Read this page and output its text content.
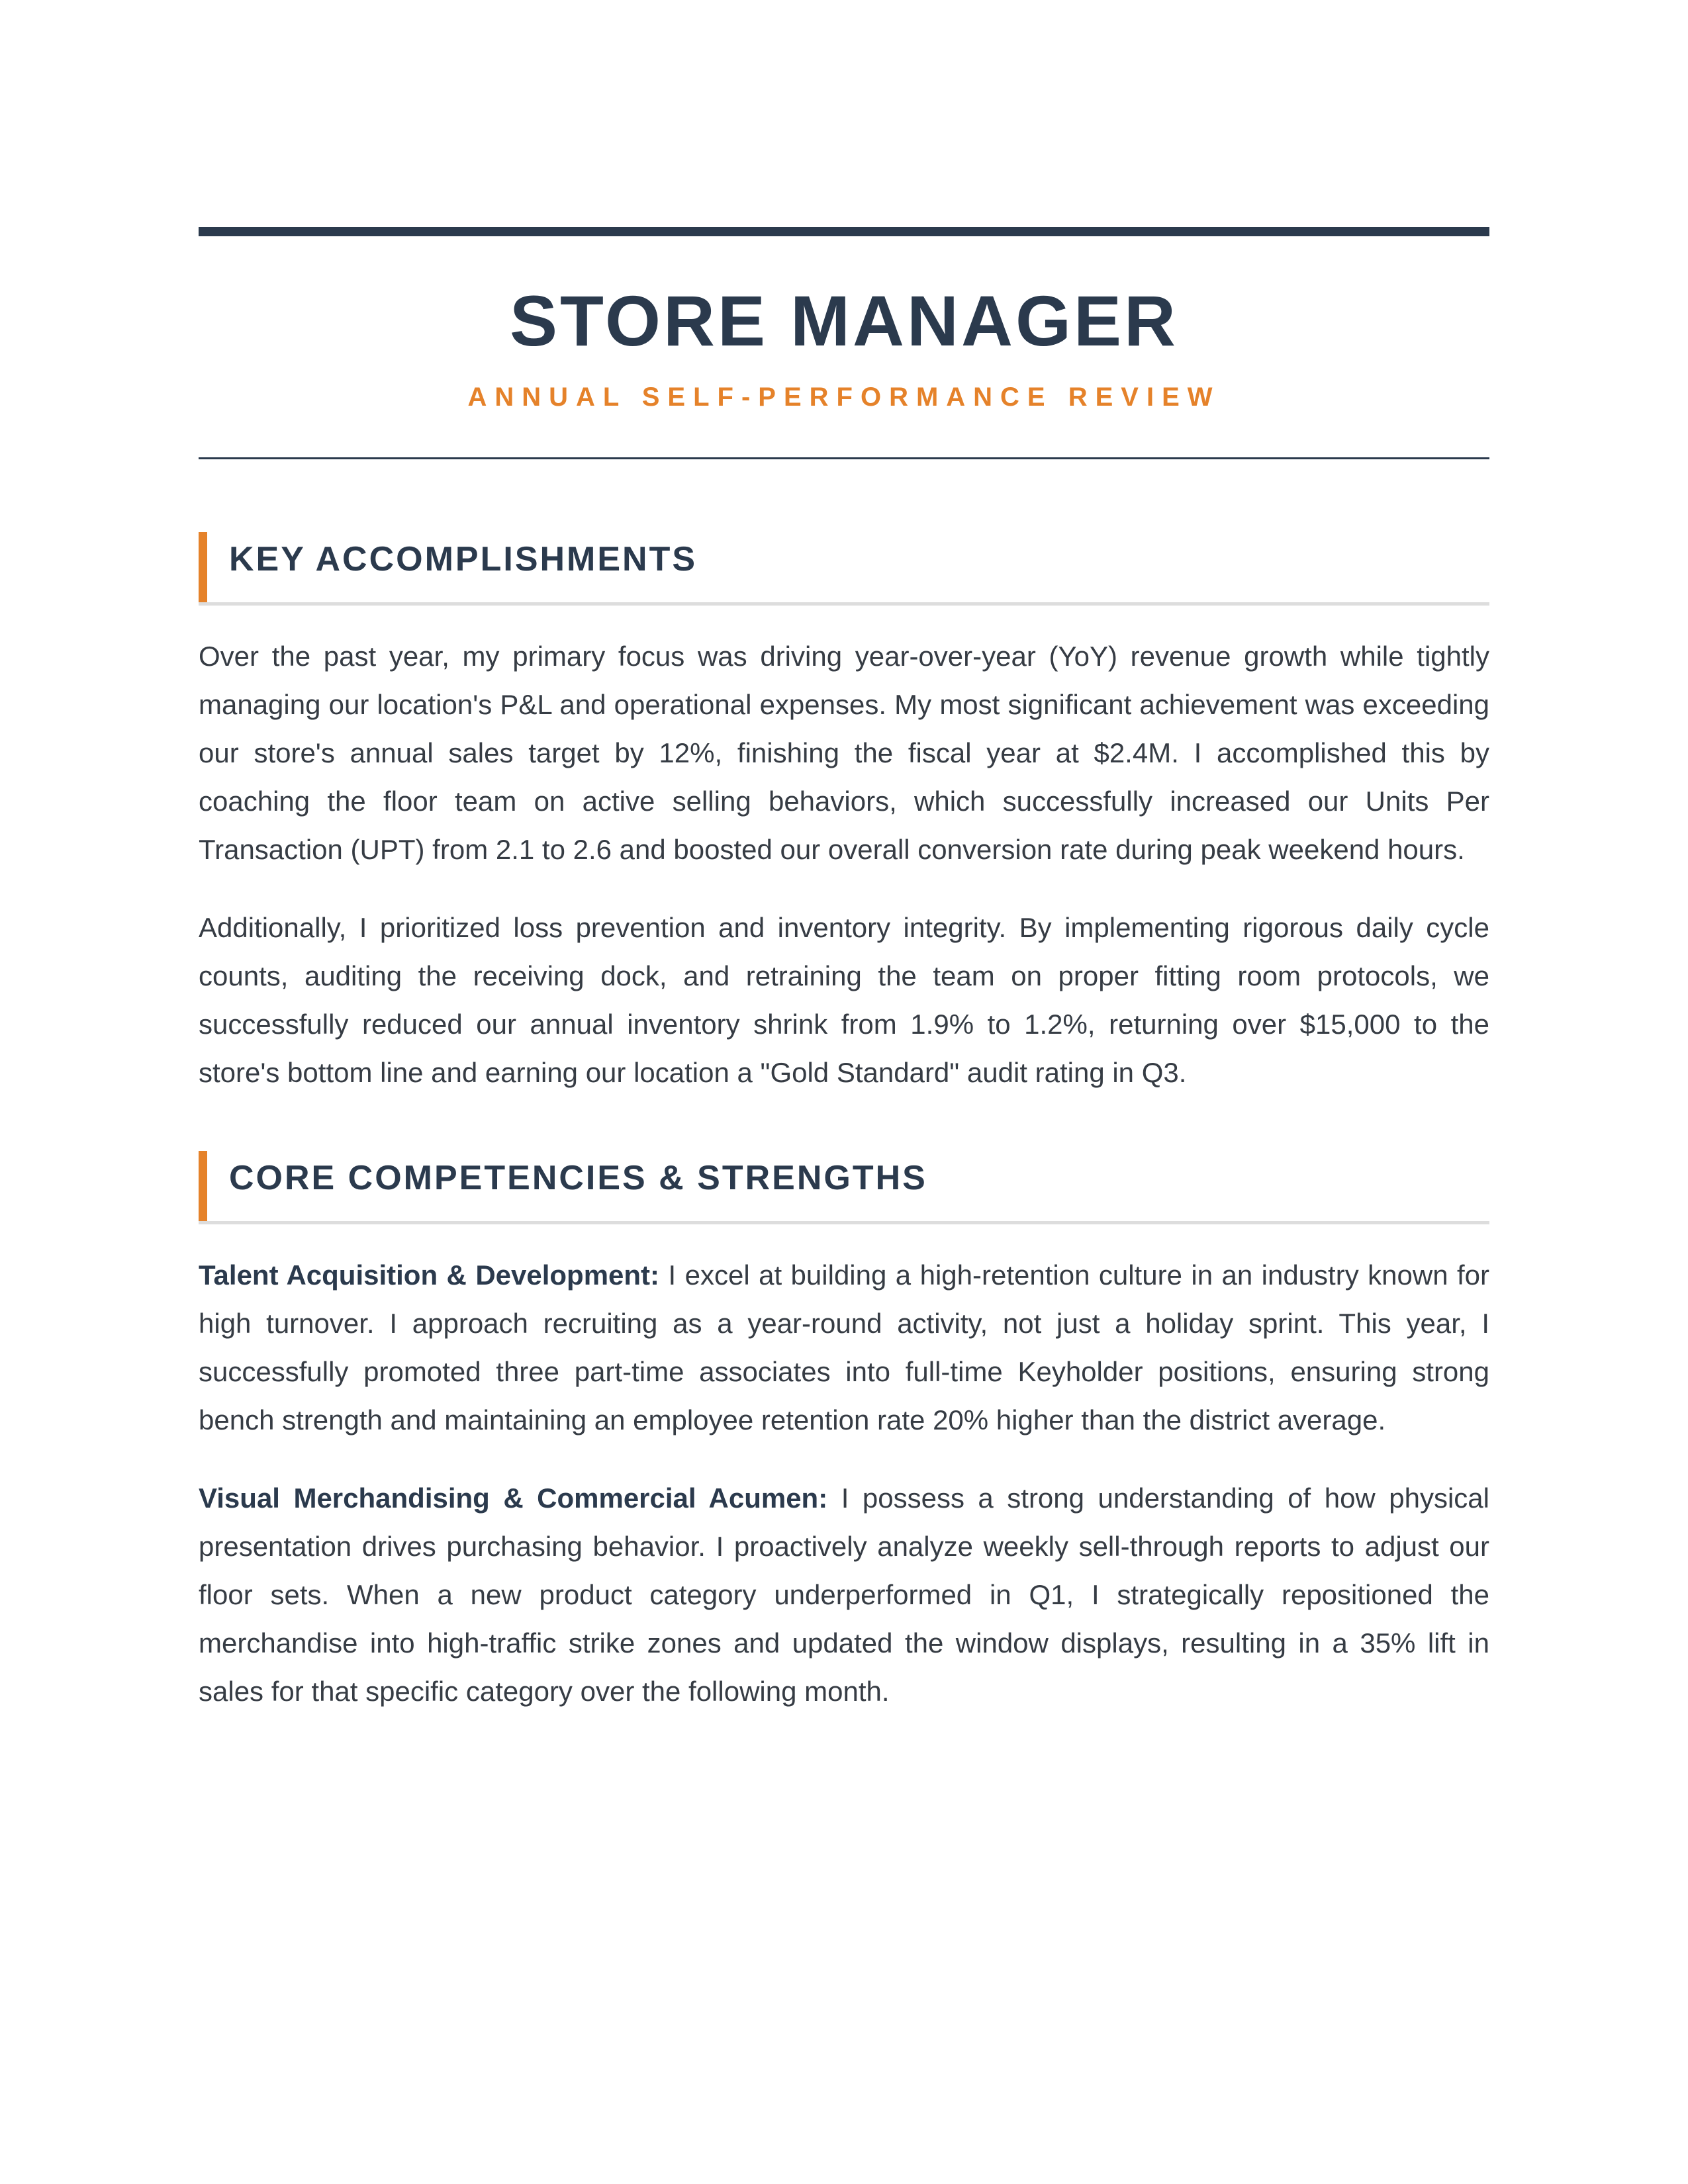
STORE MANAGER
ANNUAL SELF-PERFORMANCE REVIEW
KEY ACCOMPLISHMENTS

Over the past year, my primary focus was driving year-over-year (YoY) revenue growth while tightly managing our location's P&L and operational expenses. My most significant achievement was exceeding our store's annual sales target by 12%, finishing the fiscal year at $2.4M. I accomplished this by coaching the floor team on active selling behaviors, which successfully increased our Units Per Transaction (UPT) from 2.1 to 2.6 and boosted our overall conversion rate during peak weekend hours.

Additionally, I prioritized loss prevention and inventory integrity. By implementing rigorous daily cycle counts, auditing the receiving dock, and retraining the team on proper fitting room protocols, we successfully reduced our annual inventory shrink from 1.9% to 1.2%, returning over $15,000 to the store's bottom line and earning our location a "Gold Standard" audit rating in Q3.

CORE COMPETENCIES & STRENGTHS

Talent Acquisition & Development: I excel at building a high-retention culture in an industry known for high turnover. I approach recruiting as a year-round activity, not just a holiday sprint. This year, I successfully promoted three part-time associates into full-time Keyholder positions, ensuring strong bench strength and maintaining an employee retention rate 20% higher than the district average.

Visual Merchandising & Commercial Acumen: I possess a strong understanding of how physical presentation drives purchasing behavior. I proactively analyze weekly sell-through reports to adjust our floor sets. When a new product category underperformed in Q1, I strategically repositioned the merchandise into high-traffic strike zones and updated the window displays, resulting in a 35% lift in sales for that specific category over the following month.
